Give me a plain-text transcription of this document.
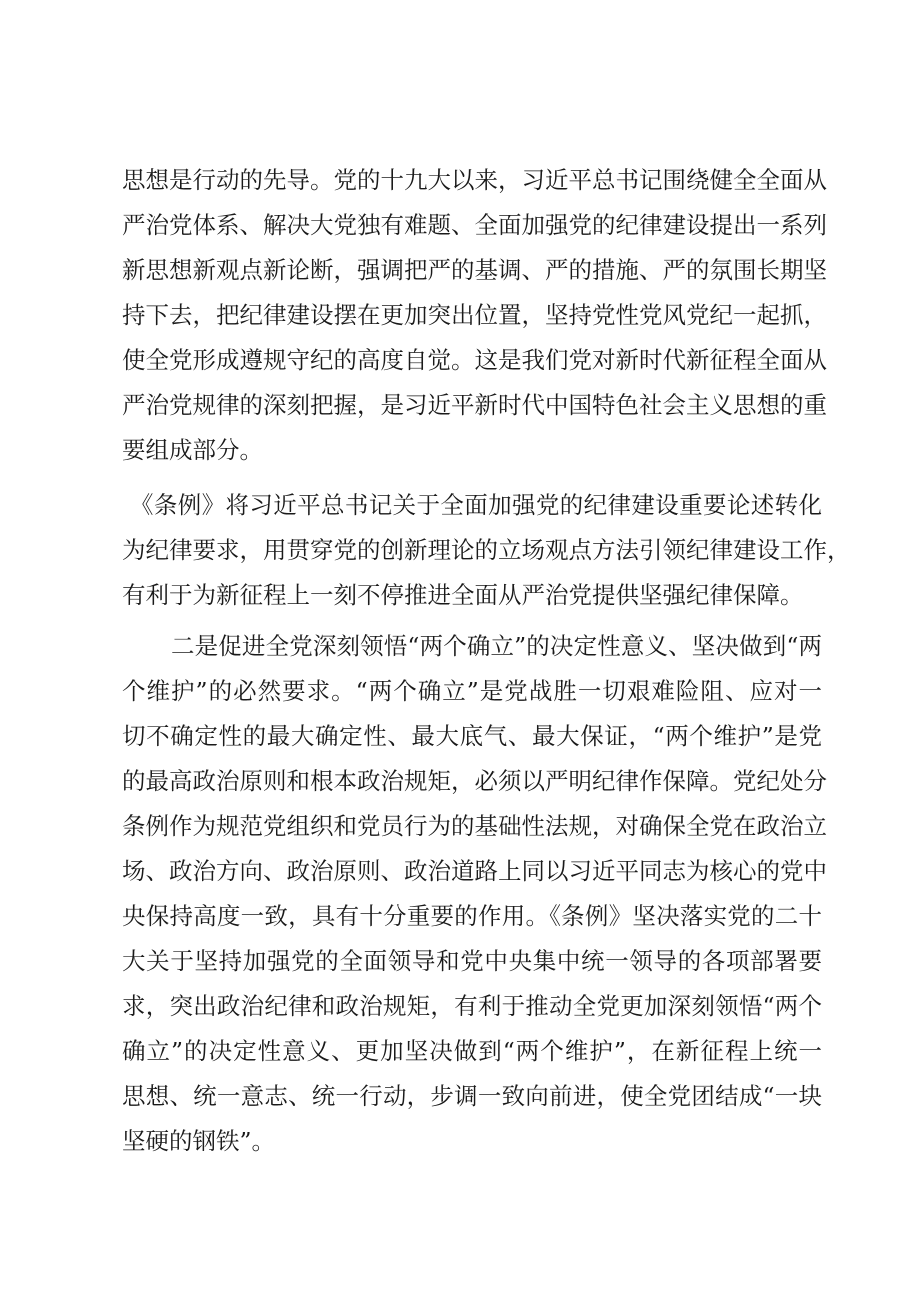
思想是行动的先导。党的十九大以来，习近平总书记围绕健全全面从
严治党体系、解决大党独有难题、全面加强党的纪律建设提出一系列
新思想新观点新论断，强调把严的基调、严的措施、严的氛围长期坚
持下去，把纪律建设摆在更加突出位置，坚持党性党风党纪一起抓，
使全党形成遵规守纪的高度自觉。这是我们党对新时代新征程全面从
严治党规律的深刻把握，是习近平新时代中国特色社会主义思想的重
要组成部分。
《条例》将习近平总书记关于全面加强党的纪律建设重要论述转化
为纪律要求，用贯穿党的创新理论的立场观点方法引领纪律建设工作，
有利于为新征程上一刻不停推进全面从严治党提供坚强纪律保障。
二是促进全党深刻领悟“两个确立”的决定性意义、坚决做到“两
个维护”的必然要求。“两个确立”是党战胜一切艰难险阻、应对一
切不确定性的最大确定性、最大底气、最大保证，“两个维护”是党
的最高政治原则和根本政治规矩，必须以严明纪律作保障。党纪处分
条例作为规范党组织和党员行为的基础性法规，对确保全党在政治立
场、政治方向、政治原则、政治道路上同以习近平同志为核心的党中
央保持高度一致，具有十分重要的作用。《条例》坚决落实党的二十
大关于坚持加强党的全面领导和党中央集中统一领导的各项部署要
求，突出政治纪律和政治规矩，有利于推动全党更加深刻领悟“两个
确立”的决定性意义、更加坚决做到“两个维护”，在新征程上统一
思想、统一意志、统一行动，步调一致向前进，使全党团结成“一块
坚硬的钢铁”。
